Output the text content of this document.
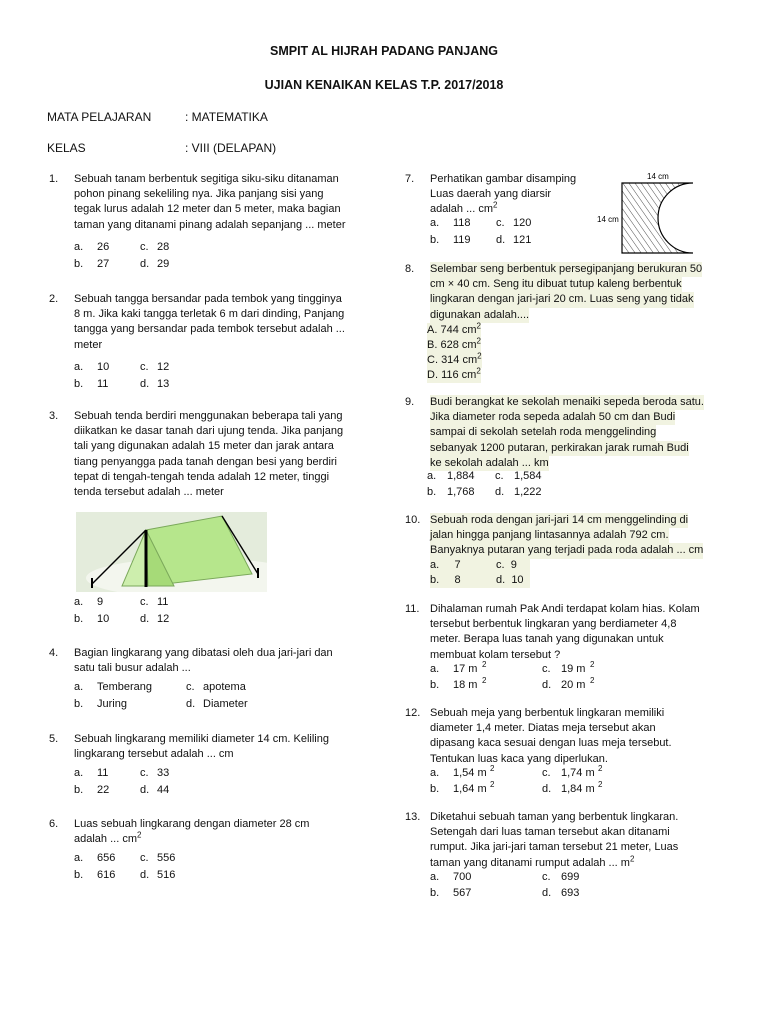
SMPIT AL HIJRAH PADANG PANJANG
UJIAN KENAIKAN KELAS T.P. 2017/2018
MATA PELAJARAN	: MATEMATIKA
KELAS	: VIII (DELAPAN)
1. Sebuah tanam berbentuk segitiga siku-siku ditanaman

pohon pinang sekeliling nya. Jika panjang sisi yang

tegak lurus adalah 12 meter dan 5 meter, maka bagian

taman yang ditanami pinang adalah sepanjang ... meter

a. 26	c. 28
b. 27	d. 29
2. Sebuah tangga bersandar pada tembok yang tingginya

8 m. Jika kaki tangga terletak 6 m dari dinding, Panjang

tangga yang bersandar pada tembok tersebut adalah ...

meter

a. 10	c. 12
b. 11	d. 13
3. Sebuah tenda berdiri menggunakan beberapa tali yang

diikatkan ke dasar tanah dari ujung tenda. Jika panjang

tali yang digunakan adalah 15 meter dan jarak antara

tiang penyangga pada tanah dengan besi yang berdiri

tepat di tengah-tengah tenda adalah 12 meter, tinggi

tenda tersebut adalah ... meter

a. 9	c. 11
b. 10	d. 12
4. Bagian lingkarang yang dibatasi oleh dua jari-jari dan

satu tali busur adalah ...

a. Temberang	c. apotema
b. Juring	d. Diameter
5. Sebuah lingkarang memiliki diameter 14 cm. Keliling

lingkarang tersebut adalah ... cm

a. 11	c. 33
b. 22	d. 44
6. Luas sebuah lingkarang dengan diameter 28 cm

adalah ... $cm^2$

a. 656 c. 556
b. 616 d. 516
7. Perhatikan gambar disamping

Luas daerah yang diarsir

adalah ... $cm^2$

a. 118 c. 120
b. 119 d. 121
14 cm
14 cm
8. Selembar seng berbentuk persegipanjang berukuran 50

cm × 40 cm. Seng itu dibuat tutup kaleng berbentuk

lingkaran dengan jari-jari 20 cm. Luas seng yang tidak

digunakan adalah....

A. 744 $cm^2$

B. 628 $cm^2$

C. 314 $cm^2$

D. 116 $cm^2$

9. Budi berangkat ke sekolah menaiki sepeda beroda satu.

Jika diameter roda sepeda adalah 50 cm dan Budi

sampai di sekolah setelah roda menggelinding

sebanyak 1200 putaran, perkirakan jarak rumah Budi

ke sekolah adalah ... km

a. 1,884 c. 1,584
b. 1,768 d. 1,222
10. Sebuah roda dengan jari-jari 14 cm menggelinding di

jalan hingga panjang lintasannya adalah 792 cm.

Banyaknya putaran yang terjadi pada roda adalah ... cm

a. 7	c. 9

b. 8	d. 10

11. Dihalaman rumah Pak Andi terdapat kolam hias. Kolam

tersebut berbentuk lingkaran yang berdiameter 4,8

meter. Berapa luas tanah yang digunakan untuk

membuat kolam tersebut ?

a. 17 m 2	c. 19 m 2
b. 18 m 2	d. 20 m 2
12. Sebuah meja yang berbentuk lingkaran memiliki

diameter 1,4 meter. Diatas meja tersebut akan

dipasang kaca sesuai dengan luas meja tersebut.

Tentukan luas kaca yang diperlukan.

a. 1,54 m 2	c. 1,74 m 2
b. 1,64 m 2	d. 1,84 m 2
13. Diketahui sebuah taman yang berbentuk lingkaran.

Setengah dari luas taman tersebut akan ditanami

rumput. Jika jari-jari taman tersebut 21 meter, Luas

taman yang ditanami rumput adalah ... $m^2$

a. 700	c. 699
b. 567	d. 693
